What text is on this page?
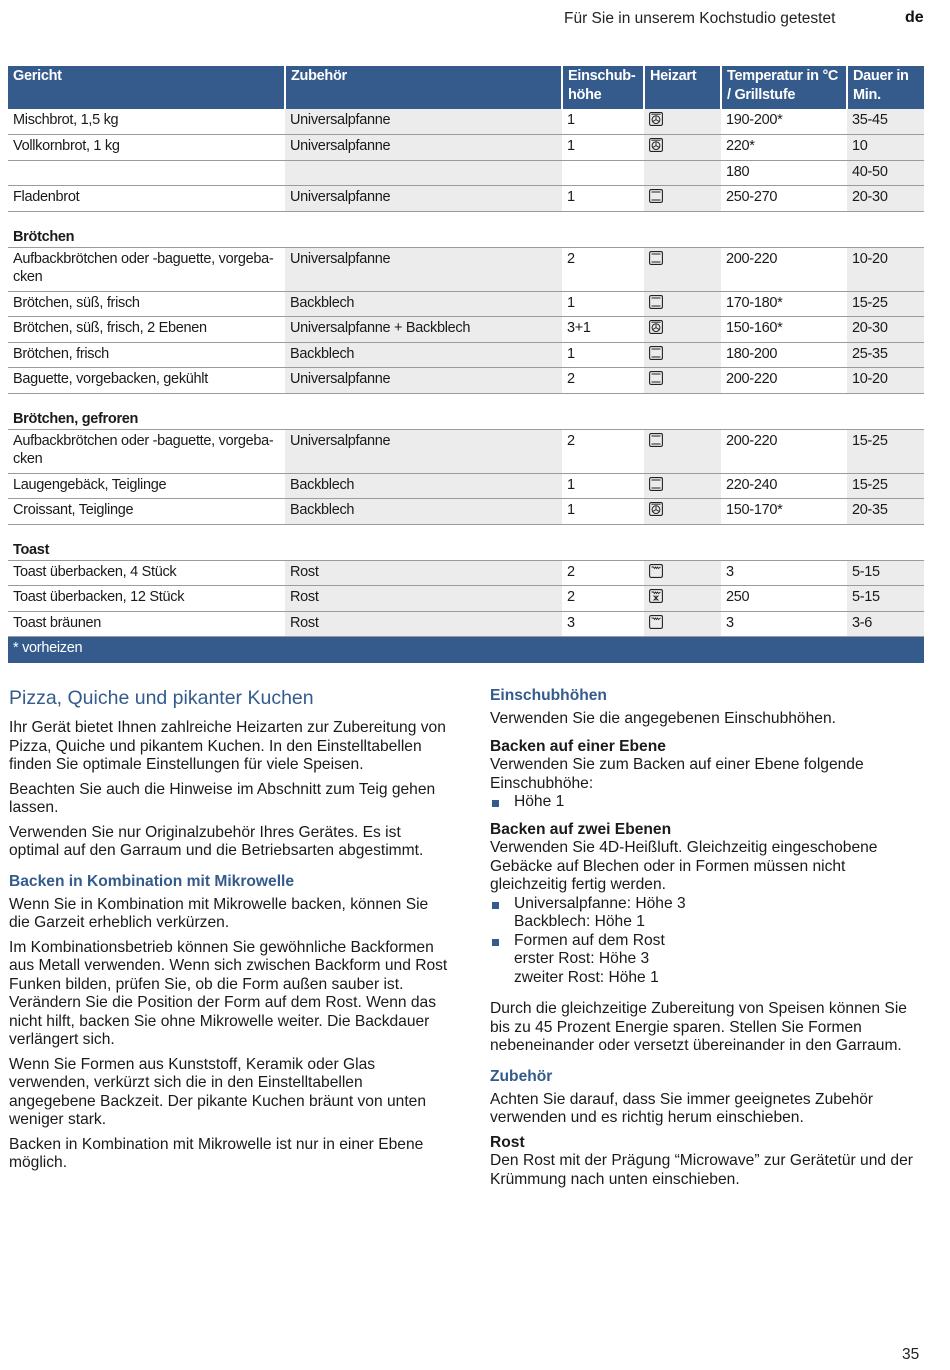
Für Sie in unserem Kochstudio getestet	de
Gericht	Zubehör	Einschub-höhe	Heizart	Temperatur in °C / Grillstufe	Dauer in Min.
Mischbrot, 1,5 kg	Universalpfanne	1		190-200*	35-45
Vollkornbrot, 1 kg	Universalpfanne	1		220*	10
				180	40-50
Fladenbrot	Universalpfanne	1		250-270	20-30
Brötchen					
Aufbackbrötchen oder -baguette, vorgeba-cken	Universalpfanne	2		200-220	10-20
Brötchen, süß, frisch	Backblech	1		170-180*	15-25
Brötchen, süß, frisch, 2 Ebenen	Universalpfanne + Backblech	3+1		150-160*	20-30
Brötchen, frisch	Backblech	1		180-200	25-35
Baguette, vorgebacken, gekühlt	Universalpfanne	2		200-220	10-20
Brötchen, gefroren					
Aufbackbrötchen oder -baguette, vorgeba-cken	Universalpfanne	2		200-220	15-25
Laugengebäck, Teiglinge	Backblech	1		220-240	15-25
Croissant, Teiglinge	Backblech	1		150-170*	20-35
Toast					
Toast überbacken, 4 Stück	Rost	2		3	5-15
Toast überbacken, 12 Stück	Rost	2		250	5-15
Toast bräunen	Rost	3		3	3-6
* vorheizen					
Pizza, Quiche und pikanter Kuchen

Ihr Gerät bietet Ihnen zahlreiche Heizarten zur Zubereitung von Pizza, Quiche und pikantem Kuchen. In den Einstelltabellen finden Sie optimale Einstellungen für viele Speisen.

Beachten Sie auch die Hinweise im Abschnitt zum Teig gehen lassen.

Verwenden Sie nur Originalzubehör Ihres Gerätes. Es ist optimal auf den Garraum und die Betriebsarten abgestimmt.

Backen in Kombination mit Mikrowelle

Wenn Sie in Kombination mit Mikrowelle backen, können Sie die Garzeit erheblich verkürzen.

Im Kombinationsbetrieb können Sie gewöhnliche Backformen aus Metall verwenden. Wenn sich zwischen Backform und Rost Funken bilden, prüfen Sie, ob die Form außen sauber ist. Verändern Sie die Position der Form auf dem Rost. Wenn das nicht hilft, backen Sie ohne Mikrowelle weiter. Die Backdauer verlängert sich.

Wenn Sie Formen aus Kunststoff, Keramik oder Glas verwenden, verkürzt sich die in den Einstelltabellen angegebene Backzeit. Der pikante Kuchen bräunt von unten weniger stark.

Backen in Kombination mit Mikrowelle ist nur in einer Ebene möglich.

Einschubhöhen

Verwenden Sie die angegebenen Einschubhöhen.

Backen auf einer Ebene

Verwenden Sie zum Backen auf einer Ebene folgende Einschubhöhe:

Höhe 1
Backen auf zwei Ebenen

Verwenden Sie 4D-Heißluft. Gleichzeitig eingeschobene Gebäcke auf Blechen oder in Formen müssen nicht gleichzeitig fertig werden.

Universalpfanne: Höhe 3
Backblech: Höhe 1
Formen auf dem Rost
erster Rost: Höhe 3
zweiter Rost: Höhe 1

Durch die gleichzeitige Zubereitung von Speisen können Sie bis zu 45 Prozent Energie sparen. Stellen Sie Formen nebeneinander oder versetzt übereinander in den Garraum.

Zubehör

Achten Sie darauf, dass Sie immer geeignetes Zubehör verwenden und es richtig herum einschieben.

Rost

Den Rost mit der Prägung “Microwave” zur Gerätetür und der Krümmung nach unten einschieben.

35
